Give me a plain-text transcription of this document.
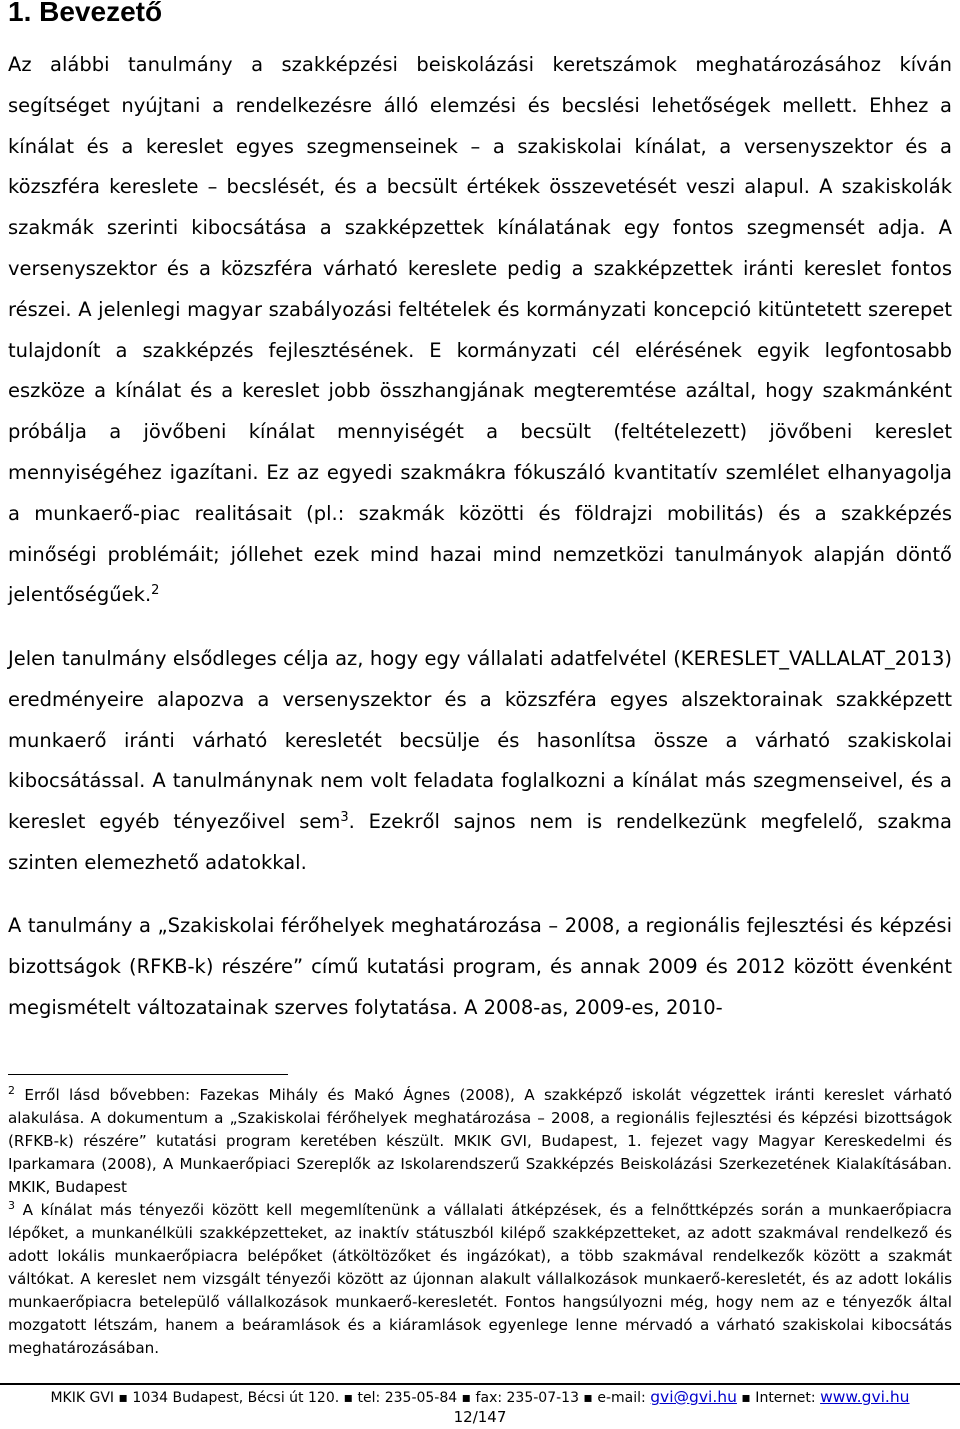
1. Bevezető

Az alábbi tanulmány a szakképzési beiskolázási keretszámok meghatározásához kíván segítséget nyújtani a rendelkezésre álló elemzési és becslési lehetőségek mellett. Ehhez a kínálat és a kereslet egyes szegmenseinek – a szakiskolai kínálat, a versenyszektor és a közszféra kereslete – becslését, és a becsült értékek összevetését veszi alapul. A szakiskolák szakmák szerinti kibocsátása a szakképzettek kínálatának egy fontos szegmensét adja. A versenyszektor és a közszféra várható kereslete pedig a szakképzettek iránti kereslet fontos részei. A jelenlegi magyar szabályozási feltételek és kormányzati koncepció kitüntetett szerepet tulajdonít a szakképzés fejlesztésének. E kormányzati cél elérésének egyik legfontosabb eszköze a kínálat és a kereslet jobb összhangjának megteremtése azáltal, hogy szakmánként próbálja a jövőbeni kínálat mennyiségét a becsült (feltételezett) jövőbeni kereslet mennyiségéhez igazítani. Ez az egyedi szakmákra fókuszáló kvantitatív szemlélet elhanyagolja a munkaerő-piac realitásait (pl.: szakmák közötti és földrajzi mobilitás) és a szakképzés minőségi problémáit; jóllehet ezek mind hazai mind nemzetközi tanulmányok alapján döntő jelentőségűek.$^2$

Jelen tanulmány elsődleges célja az, hogy egy vállalati adatfelvétel (KERESLET_VALLALAT_2013) eredményeire alapozva a versenyszektor és a közszféra egyes alszektorainak szakképzett munkaerő iránti várható keresletét becsülje és hasonlítsa össze a várható szakiskolai kibocsátással. A tanulmánynak nem volt feladata foglalkozni a kínálat más szegmenseivel, és a kereslet egyéb tényezőivel sem$^3$. Ezekről sajnos nem is rendelkezünk megfelelő, szakma szinten elemezhető adatokkal.

A tanulmány a „Szakiskolai férőhelyek meghatározása – 2008, a regionális fejlesztési és képzési bizottságok (RFKB-k) részére” című kutatási program, és annak 2009 és 2012 között évenként megismételt változatainak szerves folytatása. A 2008-as, 2009-es, 2010-

$^2$ Erről lásd bővebben: Fazekas Mihály és Makó Ágnes (2008), A szakképző iskolát végzettek iránti kereslet várható alakulása. A dokumentum a „Szakiskolai férőhelyek meghatározása – 2008, a regionális fejlesztési és képzési bizottságok (RFKB-k) részére” kutatási program keretében készült. MKIK GVI, Budapest, 1. fejezet vagy Magyar Kereskedelmi és Iparkamara (2008), A Munkaerőpiaci Szereplők az Iskolarendszerű Szakképzés Beiskolázási Szerkezetének Kialakításában. MKIK, Budapest

$^3$ A kínálat más tényezői között kell megemlítenünk a vállalati átképzések, és a felnőttképzés során a munkaerőpiacra lépőket, a munkanélküli szakképzetteket, az inaktív státuszból kilépő szakképzetteket, az adott szakmával rendelkező és adott lokális munkaerőpiacra belépőket (átköltözőket és ingázókat), a több szakmával rendelkezők között a szakmát váltókat. A kereslet nem vizsgált tényezői között az újonnan alakult vállalkozások munkaerő-keresletét, és az adott lokális munkaerőpiacra betelepülő vállalkozások munkaerő-keresletét. Fontos hangsúlyozni még, hogy nem az e tényezők által mozgatott létszám, hanem a beáramlások és a kiáramlások egyenlege lenne mérvadó a várható szakiskolai kibocsátás meghatározásában.

MKIK GVI ▪ 1034 Budapest, Bécsi út 120. ▪ tel: 235-05-84 ▪ fax: 235-07-13 ▪ e-mail: gvi@gvi.hu ▪ Internet: www.gvi.hu
12/147
